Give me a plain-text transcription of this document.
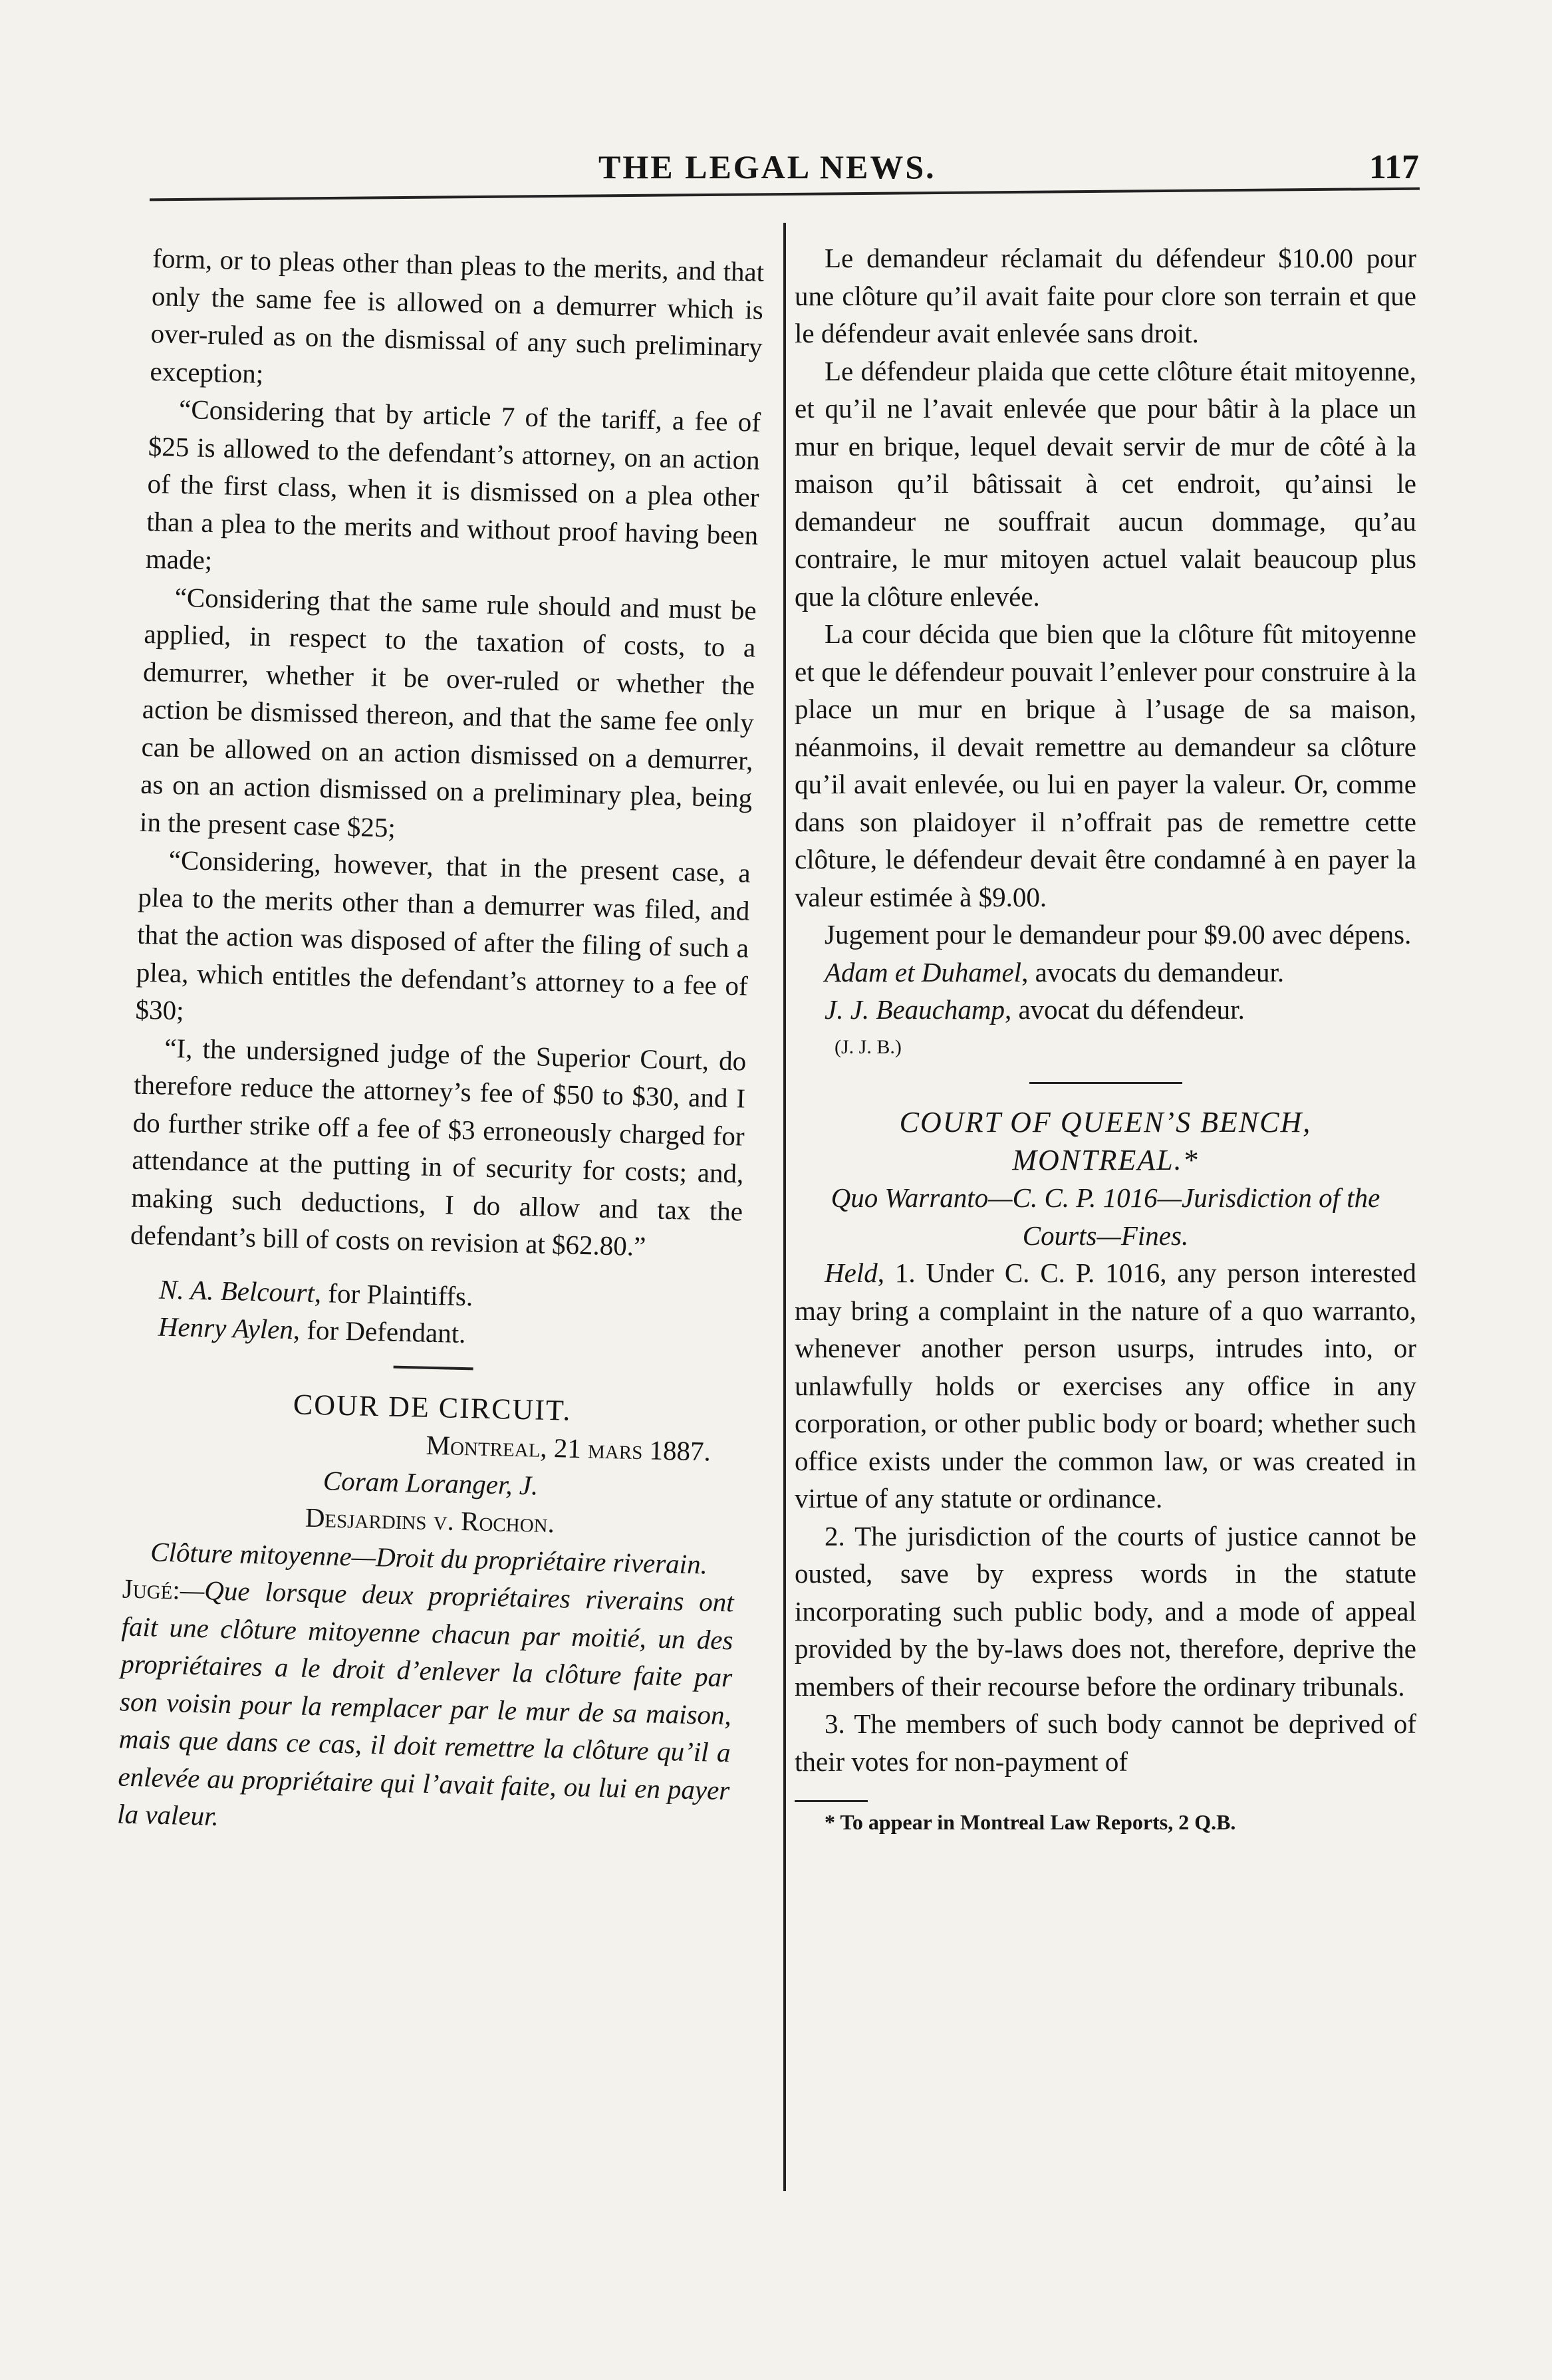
THE LEGAL NEWS.	117

form, or to pleas other than pleas to the merits, and that only the same fee is allowed on a demurrer which is over-ruled as on the dismissal of any such preliminary exception;

“Considering that by article 7 of the tariff, a fee of $25 is allowed to the defendant’s attorney, on an action of the first class, when it is dismissed on a plea other than a plea to the merits and without proof having been made;

“Considering that the same rule should and must be applied, in respect to the taxation of costs, to a demurrer, whether it be over-ruled or whether the action be dismissed thereon, and that the same fee only can be allowed on an action dismissed on a demurrer, as on an action dismissed on a preliminary plea, being in the present case $25;

“Considering, however, that in the present case, a plea to the merits other than a demurrer was filed, and that the action was disposed of after the filing of such a plea, which entitles the defendant’s attorney to a fee of $30;

“I, the undersigned judge of the Superior Court, do therefore reduce the attorney’s fee of $50 to $30, and I do further strike off a fee of $3 erroneously charged for attendance at the putting in of security for costs; and, making such deductions, I do allow and tax the defendant’s bill of costs on revision at $62.80.”

N. A. Belcourt, for Plaintiffs.

Henry Aylen, for Defendant.

COUR DE CIRCUIT.

Montreal, 21 mars 1887.

Coram Loranger, J.

Desjardins v. Rochon.

Clôture mitoyenne—Droit du propriétaire riverain.

Jugé:—Que lorsque deux propriétaires riverains ont fait une clôture mitoyenne chacun par moitié, un des propriétaires a le droit d’enlever la clôture faite par son voisin pour la remplacer par le mur de sa maison, mais que dans ce cas, il doit remettre la clôture qu’il a enlevée au propriétaire qui l’avait faite, ou lui en payer la valeur.

Le demandeur réclamait du défendeur $10.00 pour une clôture qu’il avait faite pour clore son terrain et que le défendeur avait enlevée sans droit.

Le défendeur plaida que cette clôture était mitoyenne, et qu’il ne l’avait enlevée que pour bâtir à la place un mur en brique, lequel devait servir de mur de côté à la maison qu’il bâtissait à cet endroit, qu’ainsi le demandeur ne souffrait aucun dommage, qu’au contraire, le mur mitoyen actuel valait beaucoup plus que la clôture enlevée.

La cour décida que bien que la clôture fût mitoyenne et que le défendeur pouvait l’enlever pour construire à la place un mur en brique à l’usage de sa maison, néanmoins, il devait remettre au demandeur sa clôture qu’il avait enlevée, ou lui en payer la valeur. Or, comme dans son plaidoyer il n’offrait pas de remettre cette clôture, le défendeur devait être condamné à en payer la valeur estimée à $9.00.

Jugement pour le demandeur pour $9.00 avec dépens.

Adam et Duhamel, avocats du demandeur.

J. J. Beauchamp, avocat du défendeur.

(J. J. B.)

COURT OF QUEEN’S BENCH,

MONTREAL.*

Quo Warranto—C. C. P. 1016—Jurisdiction of the Courts—Fines.

Held, 1. Under C. C. P. 1016, any person interested may bring a complaint in the nature of a quo warranto, whenever another person usurps, intrudes into, or unlawfully holds or exercises any office in any corporation, or other public body or board; whether such office exists under the common law, or was created in virtue of any statute or ordinance.

2. The jurisdiction of the courts of justice cannot be ousted, save by express words in the statute incorporating such public body, and a mode of appeal provided by the by-laws does not, therefore, deprive the members of their recourse before the ordinary tribunals.

3. The members of such body cannot be deprived of their votes for non-payment of

* To appear in Montreal Law Reports, 2 Q.B.
